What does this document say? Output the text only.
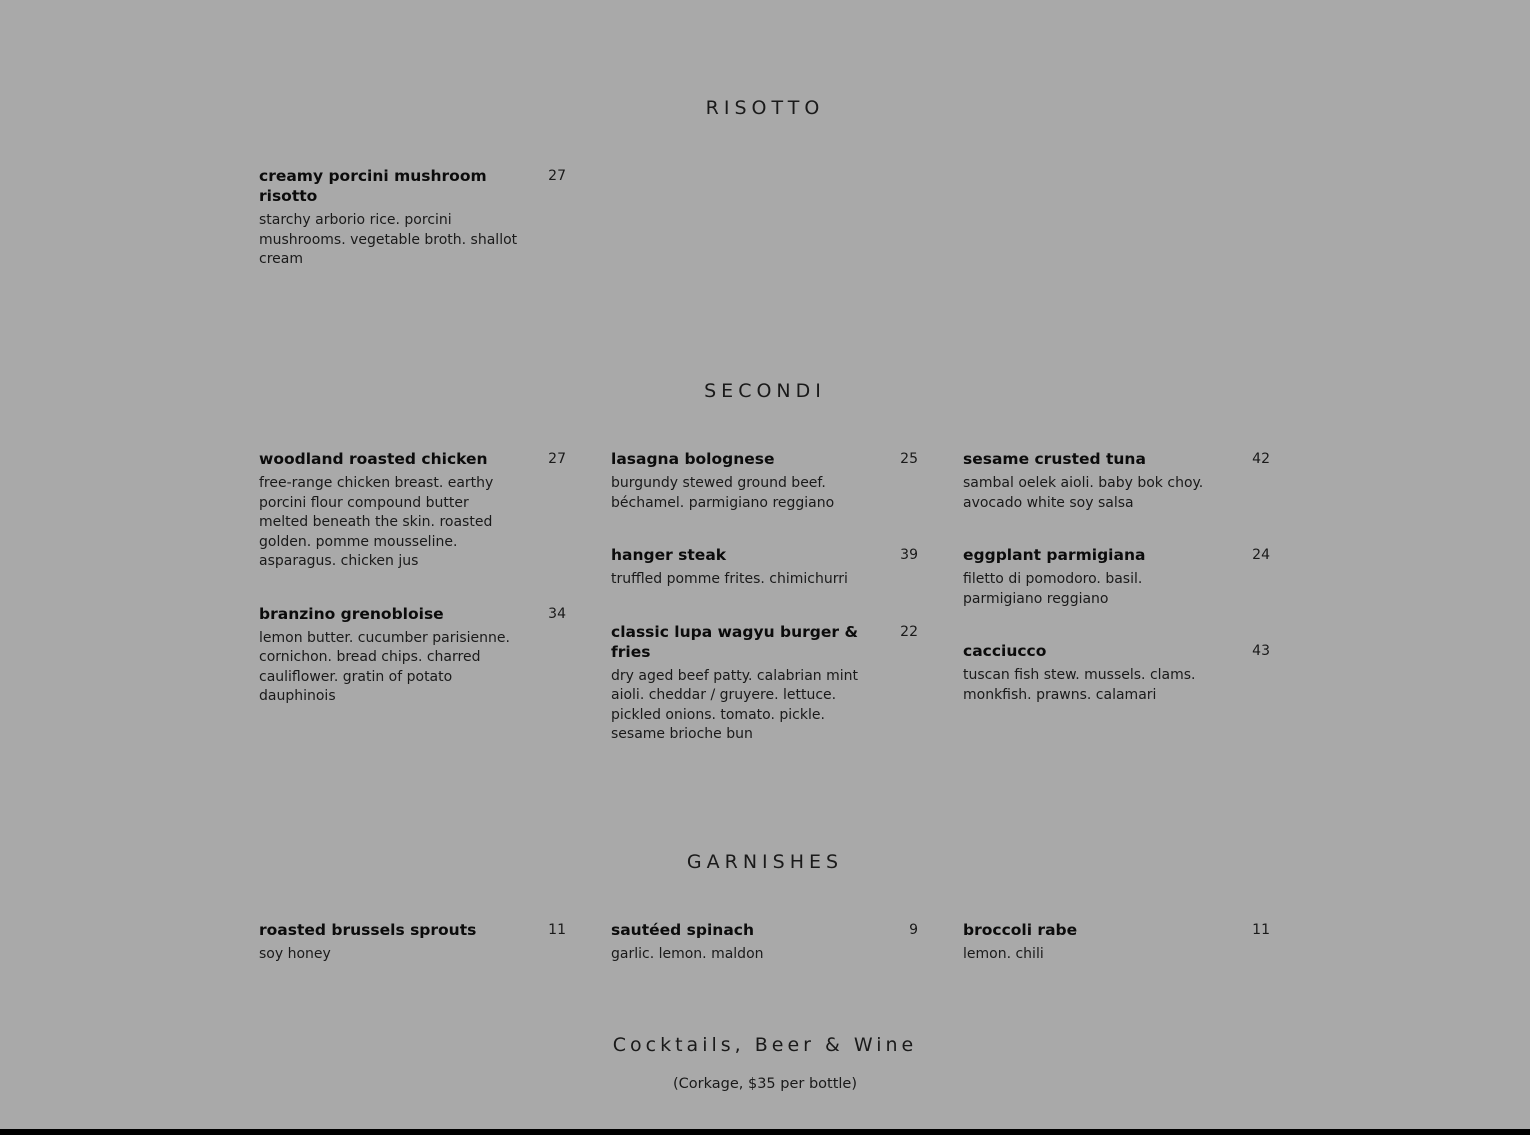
RISOTTO
creamy porcini mushroom risotto
27
starchy arborio rice. porcini mushrooms. vegetable broth. shallot cream
SECONDI
woodland roasted chicken	27
free-range chicken breast. earthy porcini flour compound butter melted beneath the skin. roasted golden. pomme mousseline. asparagus. chicken jus
branzino grenobloise	34
lemon butter. cucumber parisienne. cornichon. bread chips. charred cauliflower. gratin of potato dauphinois
lasagna bolognese	25
burgundy stewed ground beef. béchamel. parmigiano reggiano
hanger steak	39
truffled pomme frites. chimichurri
classic lupa wagyu burger & fries
22
dry aged beef patty. calabrian mint aioli. cheddar / gruyere. lettuce. pickled onions. tomato. pickle. sesame brioche bun
sesame crusted tuna	42
sambal oelek aioli. baby bok choy. avocado white soy salsa
eggplant parmigiana	24
filetto di pomodoro. basil. parmigiano reggiano
cacciucco	43
tuscan fish stew. mussels. clams. monkfish. prawns. calamari
GARNISHES
roasted brussels sprouts	11
soy honey
sautéed spinach	9
garlic. lemon. maldon
broccoli rabe	11
lemon. chili
Cocktails, Beer & Wine
(Corkage, $35 per bottle)
